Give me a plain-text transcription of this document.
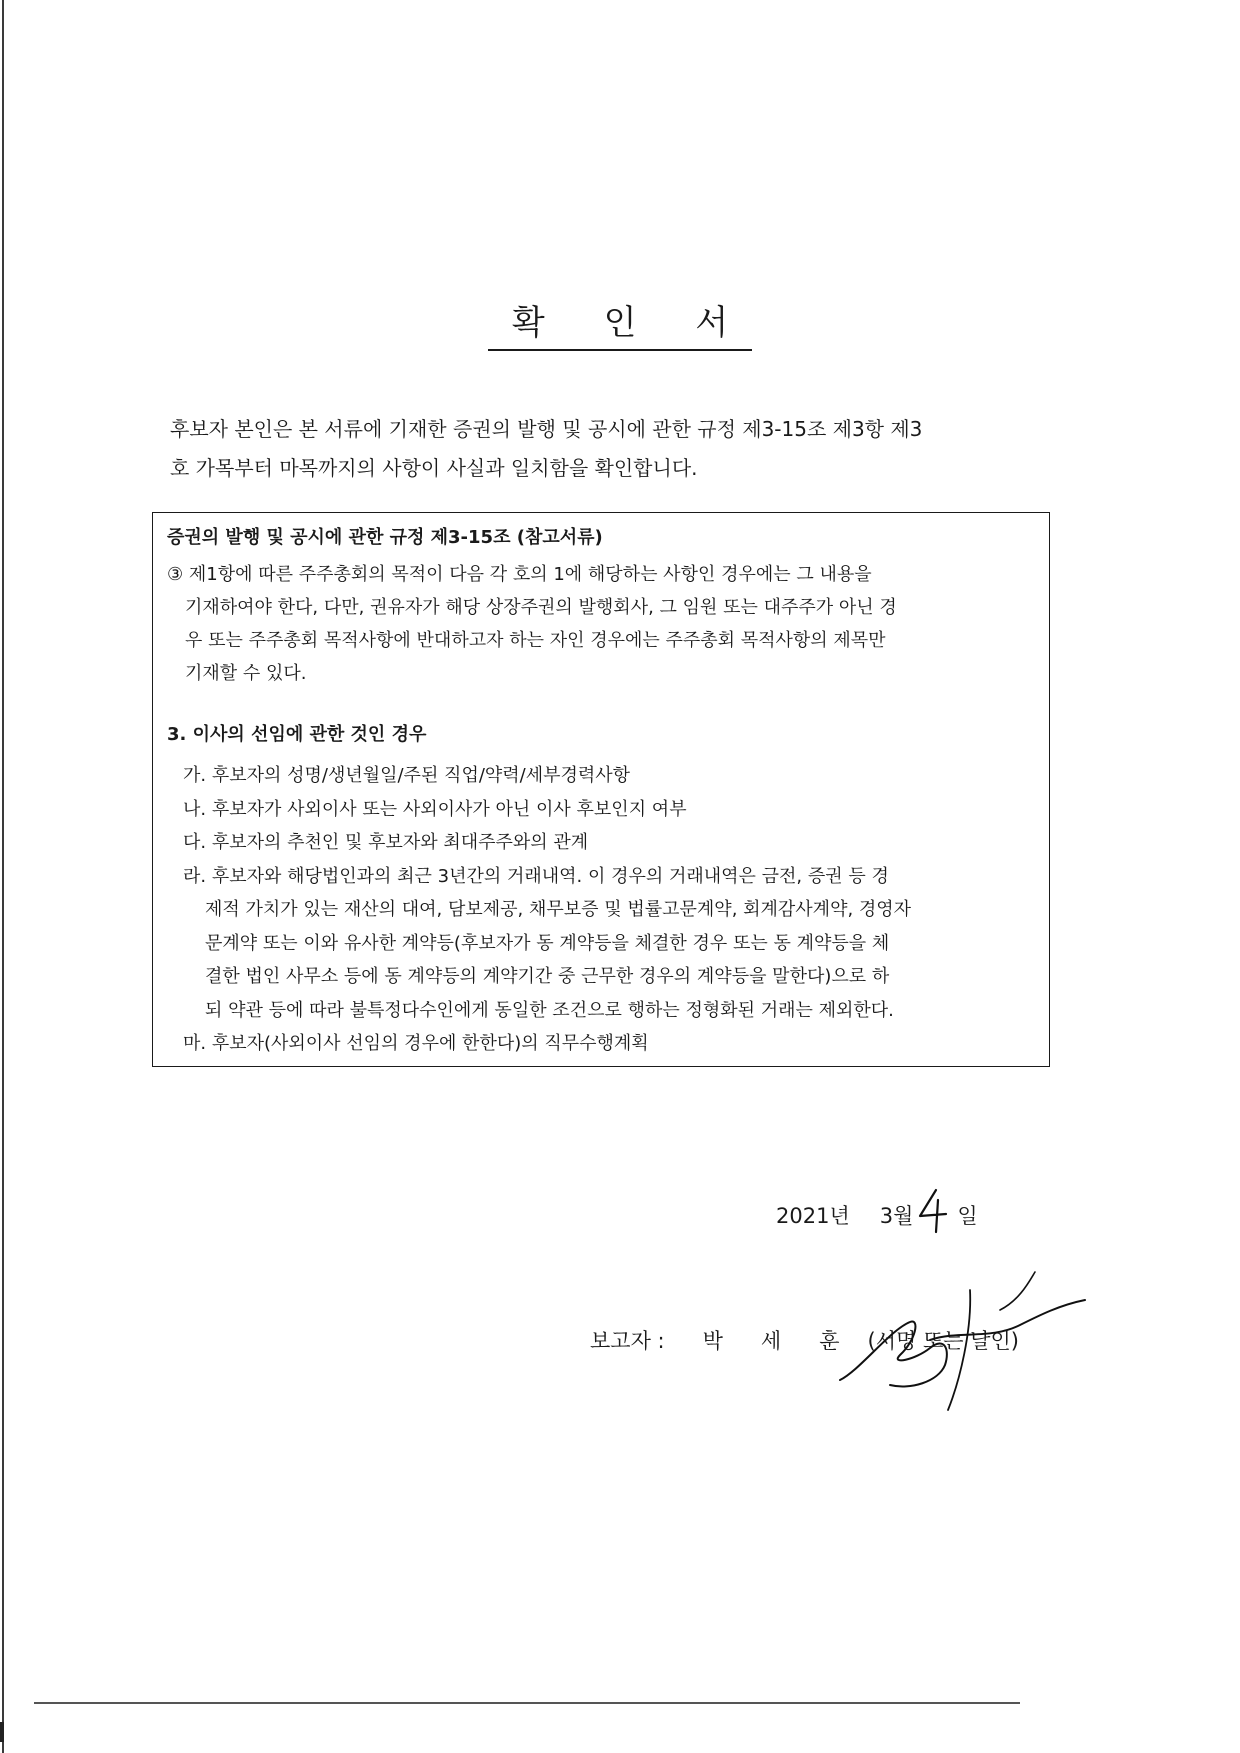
확 인 서

후보자 본인은 본 서류에 기재한 증권의 발행 및 공시에 관한 규정 제3-15조 제3항 제3
호 가목부터 마목까지의 사항이 사실과 일치함을 확인합니다.

증권의 발행 및 공시에 관한 규정 제3-15조 (참고서류)
③ 제1항에 따른 주주총회의 목적이 다음 각 호의 1에 해당하는 사항인 경우에는 그 내용을
기재하여야 한다, 다만, 권유자가 해당 상장주권의 발행회사, 그 임원 또는 대주주가 아닌 경
우 또는 주주총회 목적사항에 반대하고자 하는 자인 경우에는 주주총회 목적사항의 제목만
기재할 수 있다.
3. 이사의 선임에 관한 것인 경우
가. 후보자의 성명/생년월일/주된 직업/약력/세부경력사항
나. 후보자가 사외이사 또는 사외이사가 아닌 이사 후보인지 여부
다. 후보자의 추천인 및 후보자와 최대주주와의 관계
라. 후보자와 해당법인과의 최근 3년간의 거래내역. 이 경우의 거래내역은 금전, 증권 등 경
제적 가치가 있는 재산의 대여, 담보제공, 채무보증 및 법률고문계약, 회계감사계약, 경영자
문계약 또는 이와 유사한 계약등(후보자가 동 계약등을 체결한 경우 또는 동 계약등을 체
결한 법인 사무소 등에 동 계약등의 계약기간 중 근무한 경우의 계약등을 말한다)으로 하
되 약관 등에 따라 불특정다수인에게 동일한 조건으로 행하는 정형화된 거래는 제외한다.
마. 후보자(사외이사 선임의 경우에 한한다)의 직무수행계획
2021년 3월 일
보고자 : 박 세 훈 (서명 또는 날인)
